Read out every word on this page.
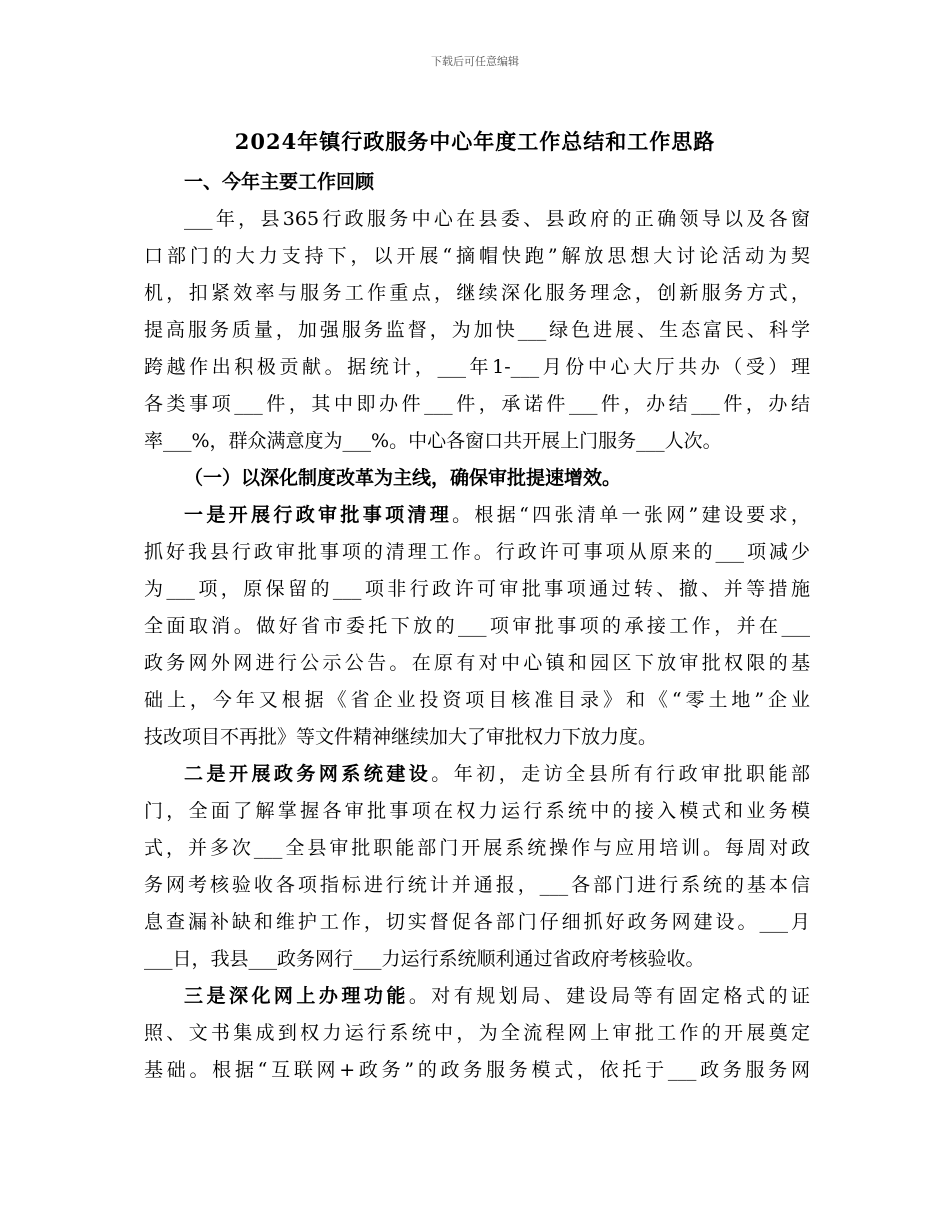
下载后可任意编辑
2024年镇行政服务中心年度工作总结和工作思路
一、今年主要工作回顾
___年，县365行政服务中心在县委、县政府的正确领导以及各窗
口部门的大力支持下，以开展“摘帽快跑”解放思想大讨论活动为契
机，扣紧效率与服务工作重点，继续深化服务理念，创新服务方式，
提高服务质量，加强服务监督，为加快___绿色进展、生态富民、科学
跨越作出积极贡献。据统计，___年1-___月份中心大厅共办（受）理
各类事项___件，其中即办件___件，承诺件___件，办结___件，办结
率___%，群众满意度为___%。中心各窗口共开展上门服务___人次。
（一）以深化制度改革为主线，确保审批提速增效。
一是开展行政审批事项清理。根据“四张清单一张网”建设要求，
抓好我县行政审批事项的清理工作。行政许可事项从原来的___项减少
为___项，原保留的___项非行政许可审批事项通过转、撤、并等措施
全面取消。做好省市委托下放的___项审批事项的承接工作，并在___
政务网外网进行公示公告。在原有对中心镇和园区下放审批权限的基
础上，今年又根据《省企业投资项目核准目录》和《“零土地”企业
技改项目不再批》等文件精神继续加大了审批权力下放力度。
二是开展政务网系统建设。年初，走访全县所有行政审批职能部
门，全面了解掌握各审批事项在权力运行系统中的接入模式和业务模
式，并多次___全县审批职能部门开展系统操作与应用培训。每周对政
务网考核验收各项指标进行统计并通报，___各部门进行系统的基本信
息查漏补缺和维护工作，切实督促各部门仔细抓好政务网建设。___月
___日，我县___政务网行___力运行系统顺利通过省政府考核验收。
三是深化网上办理功能。对有规划局、建设局等有固定格式的证
照、文书集成到权力运行系统中，为全流程网上审批工作的开展奠定
基础。根据“互联网+政务”的政务服务模式，依托于___政务服务网
